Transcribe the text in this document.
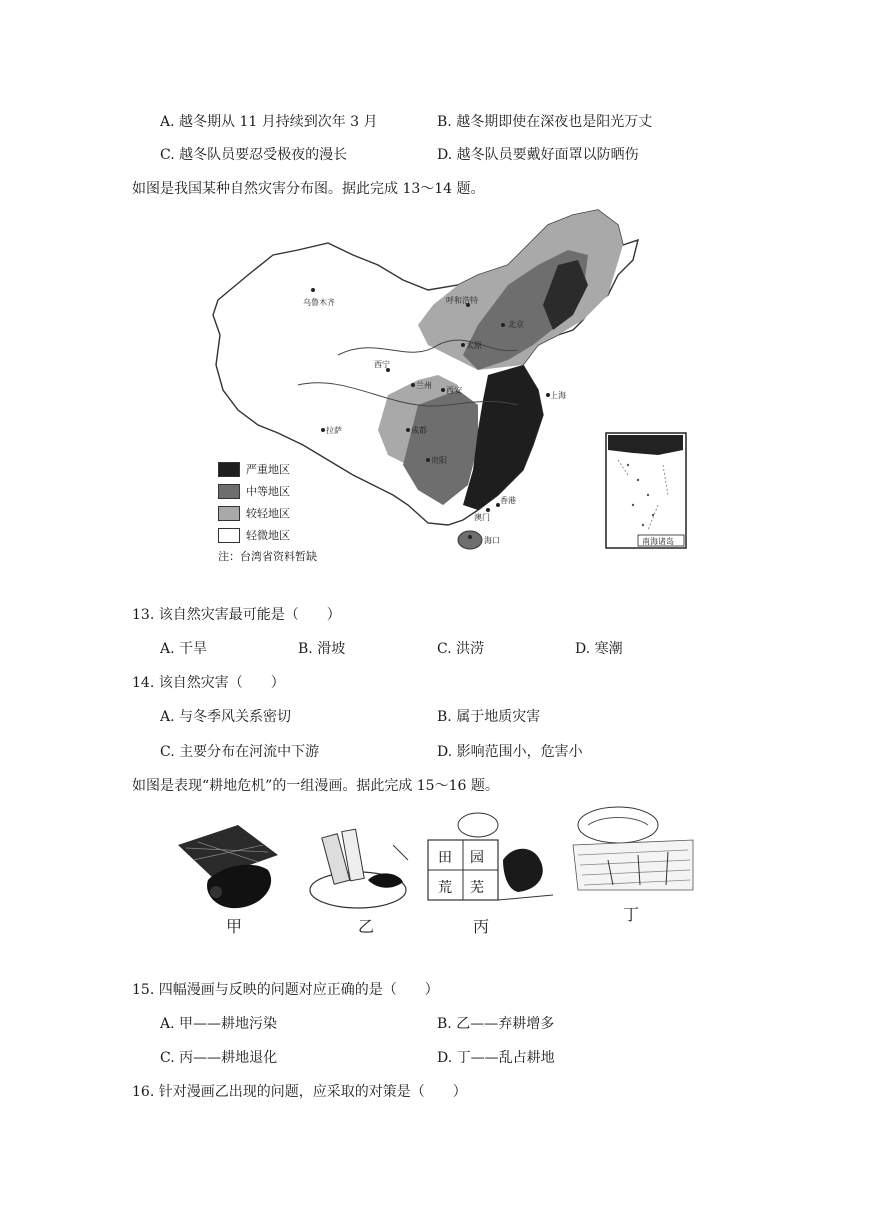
A. 越冬期从 11 月持续到次年 3 月	B. 越冬期即使在深夜也是阳光万丈
C. 越冬队员要忍受极夜的漫长	D. 越冬队员要戴好面罩以防晒伤
如图是我国某种自然灾害分布图。据此完成 13～14 题。
乌鲁木齐	呼和浩特
北京
西宁
兰州
太原
西安
拉萨	成都
贵阳
上海
香港
澳门
海口	南海诸岛
严重地区
中等地区
较轻地区
轻微地区
注：台湾省资料暂缺
13. 该自然灾害最可能是（　　）
A. 干旱	B. 滑坡	C. 洪涝	D. 寒潮
14. 该自然灾害（　　）
A. 与冬季风关系密切	B. 属于地质灾害
C. 主要分布在河流中下游	D. 影响范围小，危害小
如图是表现“耕地危机”的一组漫画。据此完成 15～16 题。
田 园
荒 芜
甲	乙	丙
丁
15. 四幅漫画与反映的问题对应正确的是（　　）
A. 甲——耕地污染	B. 乙——弃耕增多
C. 丙——耕地退化	D. 丁——乱占耕地
16. 针对漫画乙出现的问题，应采取的对策是（　　）
